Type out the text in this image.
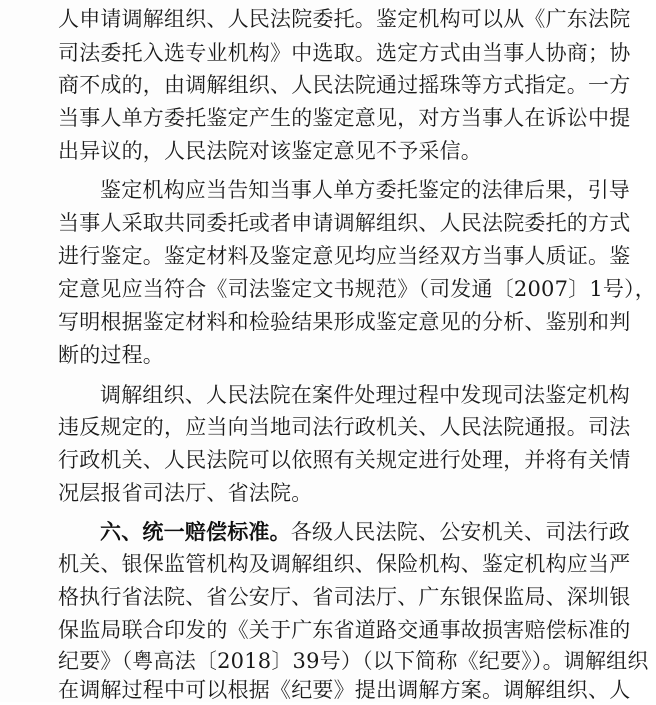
人申请调解组织、人民法院委托。鉴定机构可以从《广东法院
司法委托入选专业机构》中选取。选定方式由当事人协商；协
商不成的，由调解组织、人民法院通过摇珠等方式指定。一方
当事人单方委托鉴定产生的鉴定意见，对方当事人在诉讼中提
出异议的，人民法院对该鉴定意见不予采信。
鉴定机构应当告知当事人单方委托鉴定的法律后果，引导
当事人采取共同委托或者申请调解组织、人民法院委托的方式
进行鉴定。鉴定材料及鉴定意见均应当经双方当事人质证。鉴
定意见应当符合《司法鉴定文书规范》（司发通〔2007〕1号），
写明根据鉴定材料和检验结果形成鉴定意见的分析、鉴别和判
断的过程。
调解组织、人民法院在案件处理过程中发现司法鉴定机构
违反规定的，应当向当地司法行政机关、人民法院通报。司法
行政机关、人民法院可以依照有关规定进行处理，并将有关情
况层报省司法厅、省法院。
六、统一赔偿标准。各级人民法院、公安机关、司法行政
机关、银保监管机构及调解组织、保险机构、鉴定机构应当严
格执行省法院、省公安厅、省司法厅、广东银保监局、深圳银
保监局联合印发的《关于广东省道路交通事故损害赔偿标准的
纪要》（粤高法〔2018〕39号）（以下简称《纪要》）。调解组织
在调解过程中可以根据《纪要》提出调解方案。调解组织、人
